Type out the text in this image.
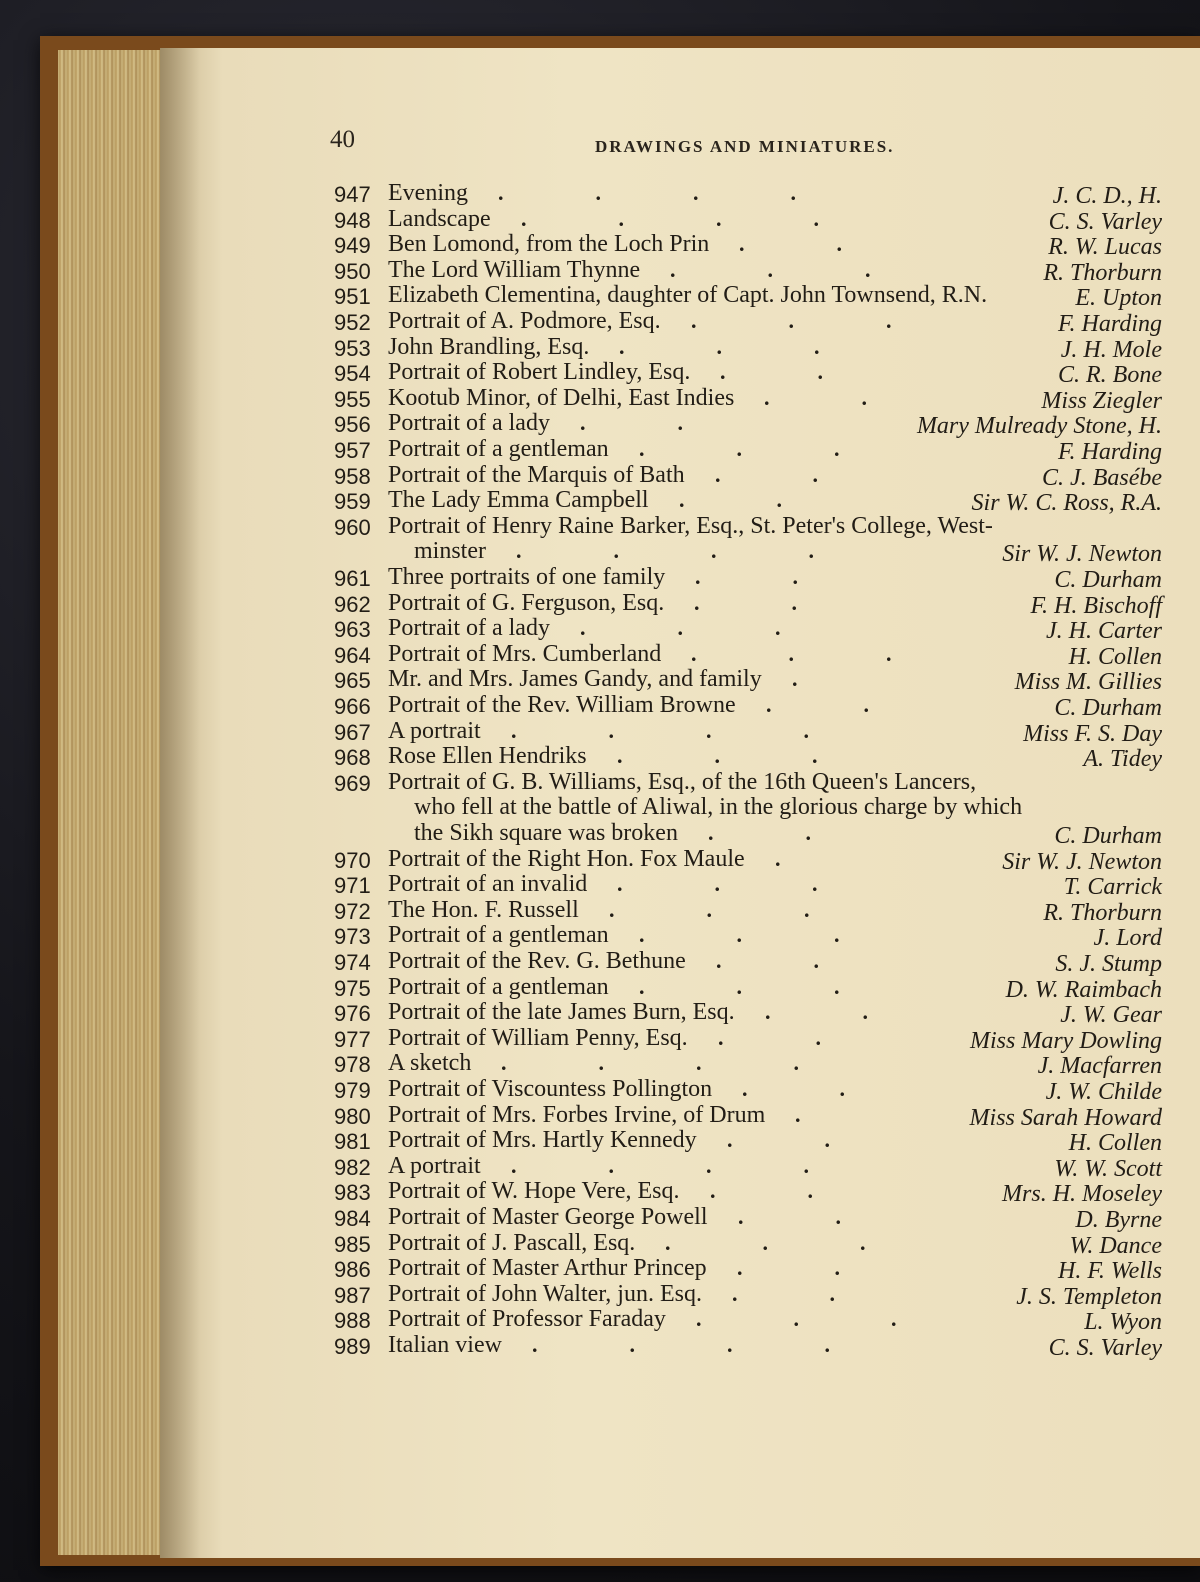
40	DRAWINGS AND MINIATURES.
947 Evening	J. C. D., H.
....
948 Landscape	C. S. Varley
....
949 Ben Lomond, from the Loch Prin	R. W. Lucas
..
950 The Lord William Thynne	R. Thorburn
...
951 Elizabeth Clementina, daughter of Capt. John Townsend, R.N.	E. Upton
952 Portrait of A. Podmore, Esq.	F. Harding
...
953 John Brandling, Esq.	J. H. Mole
...
954 Portrait of Robert Lindley, Esq.	C. R. Bone
..
955 Kootub Minor, of Delhi, East Indies	Miss Ziegler
..
956 Portrait of a lady	Mary Mulready Stone, H.
..
957 Portrait of a gentleman	F. Harding
...
958 Portrait of the Marquis of Bath	C. J. Basébe
..
959 The Lady Emma Campbell	Sir W. C. Ross, R.A.
..
960 Portrait of Henry Raine Barker, Esq., St. Peter's College, West-
minster	Sir W. J. Newton
....
961 Three portraits of one family	C. Durham
..
962 Portrait of G. Ferguson, Esq.	F. H. Bischoff
..
963 Portrait of a lady	J. H. Carter
...
964 Portrait of Mrs. Cumberland	H. Collen
...
965 Mr. and Mrs. James Gandy, and family	Miss M. Gillies
.
966 Portrait of the Rev. William Browne	C. Durham
..
967 A portrait	Miss F. S. Day
....
968 Rose Ellen Hendriks	A. Tidey
...
969 Portrait of G. B. Williams, Esq., of the 16th Queen's Lancers,
who fell at the battle of Aliwal, in the glorious charge by which
the Sikh square was broken	C. Durham
..
970 Portrait of the Right Hon. Fox Maule	Sir W. J. Newton
.
971 Portrait of an invalid	T. Carrick
...
972 The Hon. F. Russell	R. Thorburn
...
973 Portrait of a gentleman	J. Lord
...
974 Portrait of the Rev. G. Bethune	S. J. Stump
..
975 Portrait of a gentleman	D. W. Raimbach
...
976 Portrait of the late James Burn, Esq.	J. W. Gear
..
977 Portrait of William Penny, Esq.	Miss Mary Dowling
..
978 A sketch	J. Macfarren
....
979 Portrait of Viscountess Pollington	J. W. Childe
..
980 Portrait of Mrs. Forbes Irvine, of Drum	Miss Sarah Howard
.
981 Portrait of Mrs. Hartly Kennedy	H. Collen
..
982 A portrait	W. W. Scott
....
983 Portrait of W. Hope Vere, Esq.	Mrs. H. Moseley
..
984 Portrait of Master George Powell	D. Byrne
..
985 Portrait of J. Pascall, Esq.	W. Dance
...
986 Portrait of Master Arthur Princep	H. F. Wells
..
987 Portrait of John Walter, jun. Esq.	J. S. Templeton
..
988 Portrait of Professor Faraday	L. Wyon
...
989 Italian view	C. S. Varley
....
